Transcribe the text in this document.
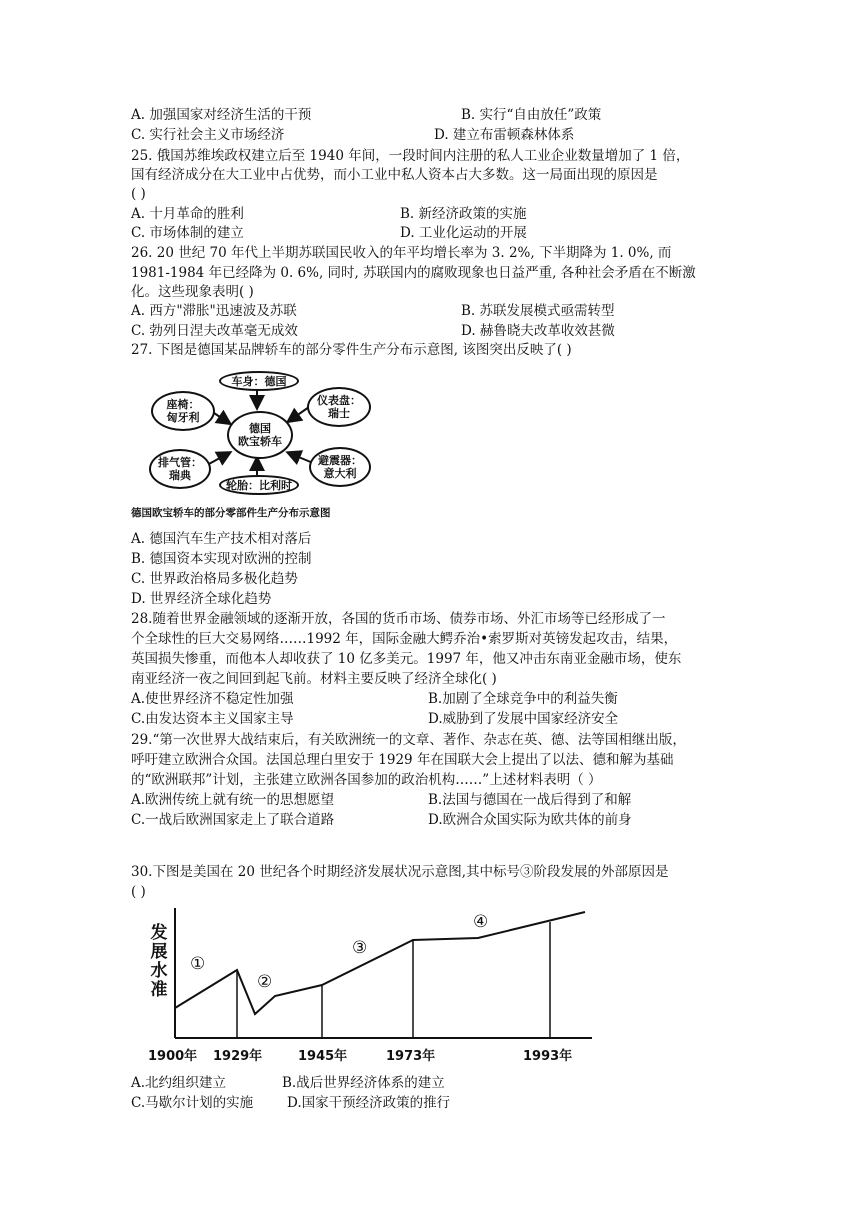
A. 加强国家对经济生活的干预	B. 实行“自由放任”政策
C. 实行社会主义市场经济	D. 建立布雷顿森林体系
25. 俄国苏维埃政权建立后至 1940 年间，一段时间内注册的私人工业企业数量增加了 1 倍，
国有经济成分在大工业中占优势，而小工业中私人资本占大多数。这一局面出现的原因是
( )
A. 十月革命的胜利	B. 新经济政策的实施
C. 市场体制的建立	D. 工业化运动的开展
26. 20 世纪 70 年代上半期苏联国民收入的年平均增长率为 3. 2%, 下半期降为 1. 0%, 而
1981-1984 年已经降为 0. 6%, 同时, 苏联国内的腐败现象也日益严重, 各种社会矛盾在不断激
化。这些现象表明( )
A. 西方"滞胀"迅速波及苏联	B. 苏联发展模式亟需转型
C. 勃列日涅夫改革毫无成效	D. 赫鲁晓夫改革收效甚微
27. 下图是德国某品牌轿车的部分零件生产分布示意图, 该图突出反映了( )
车身：德国
座椅：
匈牙利
仪表盘：
瑞士
德国
欧宝轿车
排气管：
瑞典
避震器：
意大利
轮胎：比利时
德国欧宝轿车的部分零部件生产分布示意图
A. 德国汽车生产技术相对落后
B. 德国资本实现对欧洲的控制
C. 世界政治格局多极化趋势
D. 世界经济全球化趋势
28.随着世界金融领域的逐渐开放，各国的货币市场、债券市场、外汇市场等已经形成了一
个全球性的巨大交易网络……1992 年，国际金融大鳄乔治•索罗斯对英镑发起攻击，结果，
英国损失惨重，而他本人却收获了 10 亿多美元。1997 年，他又冲击东南亚金融市场，使东
南亚经济一夜之间回到起飞前。材料主要反映了经济全球化( )
A.使世界经济不稳定性加强	B.加剧了全球竞争中的利益失衡
C.由发达资本主义国家主导	D.威胁到了发展中国家经济安全
29.“第一次世界大战结束后，有关欧洲统一的文章、著作、杂志在英、德、法等国相继出版，
呼吁建立欧洲合众国。法国总理白里安于 1929 年在国联大会上提出了以法、德和解为基础
的“欧洲联邦”计划，主张建立欧洲各国参加的政治机构……”上述材料表明（ ）
A.欧洲传统上就有统一的思想愿望	B.法国与德国在一战后得到了和解
C.一战后欧洲国家走上了联合道路	D.欧洲合众国实际为欧共体的前身
30.下图是美国在 20 世纪各个时期经济发展状况示意图,其中标号③阶段发展的外部原因是
( )
发
展
水
准
①
②
③
④
1900年 1929年	1945年	1973年	1993年
A.北约组织建立	B.战后世界经济体系的建立
C.马歇尔计划的实施	D.国家干预经济政策的推行
